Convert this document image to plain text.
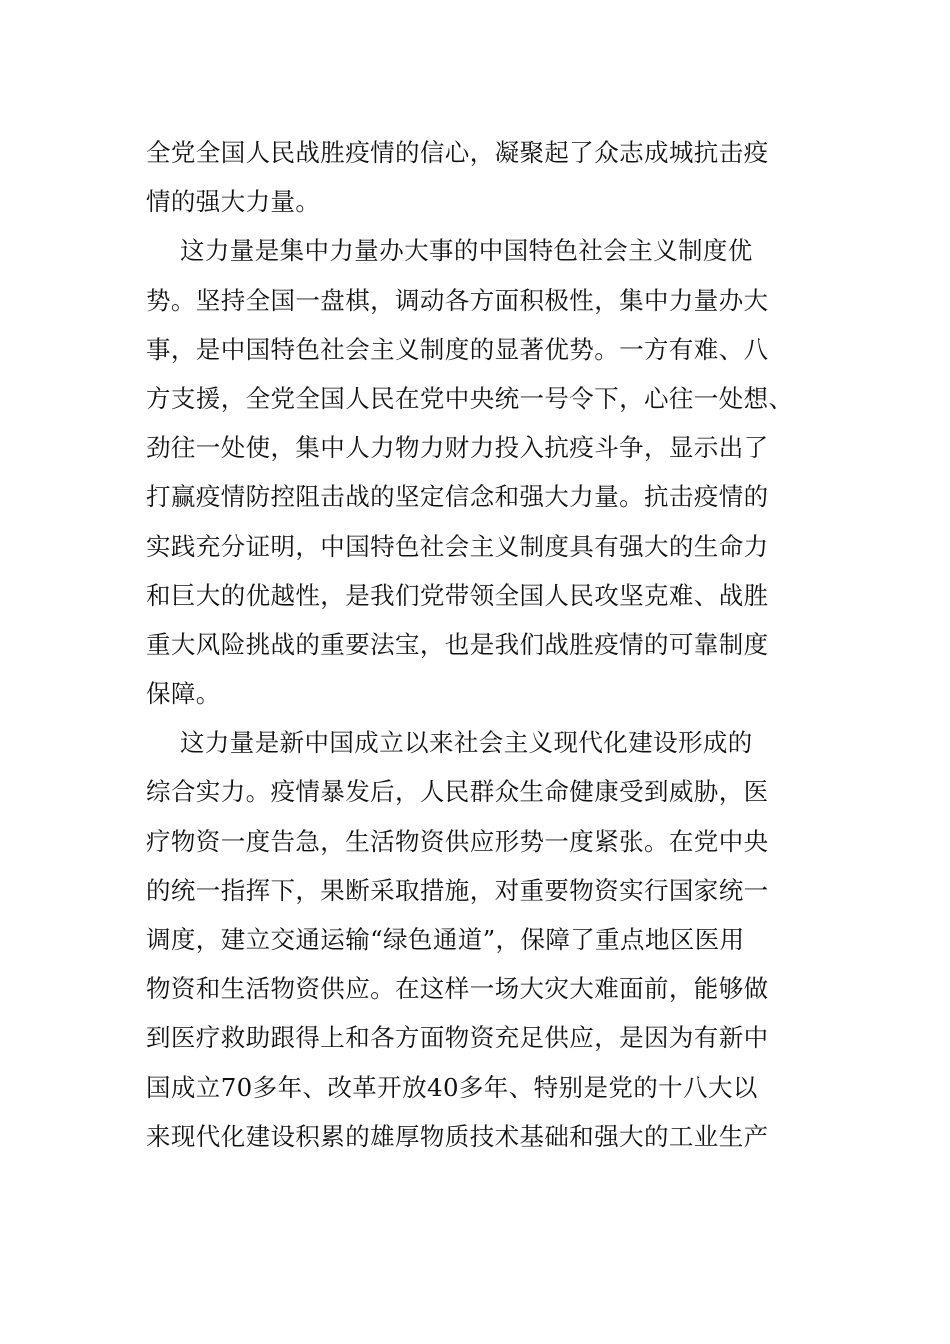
全党全国人民战胜疫情的信心，凝聚起了众志成城抗击疫
情的强大力量。
这力量是集中力量办大事的中国特色社会主义制度优
势。坚持全国一盘棋，调动各方面积极性，集中力量办大
事，是中国特色社会主义制度的显著优势。一方有难、八
方支援，全党全国人民在党中央统一号令下，心往一处想、
劲往一处使，集中人力物力财力投入抗疫斗争，显示出了
打赢疫情防控阻击战的坚定信念和强大力量。抗击疫情的
实践充分证明，中国特色社会主义制度具有强大的生命力
和巨大的优越性，是我们党带领全国人民攻坚克难、战胜
重大风险挑战的重要法宝，也是我们战胜疫情的可靠制度
保障。
这力量是新中国成立以来社会主义现代化建设形成的
综合实力。疫情暴发后，人民群众生命健康受到威胁，医
疗物资一度告急，生活物资供应形势一度紧张。在党中央
的统一指挥下，果断采取措施，对重要物资实行国家统一
调度，建立交通运输“绿色通道”，保障了重点地区医用
物资和生活物资供应。在这样一场大灾大难面前，能够做
到医疗救助跟得上和各方面物资充足供应，是因为有新中
国成立70多年、改革开放40多年、特别是党的十八大以
来现代化建设积累的雄厚物质技术基础和强大的工业生产
